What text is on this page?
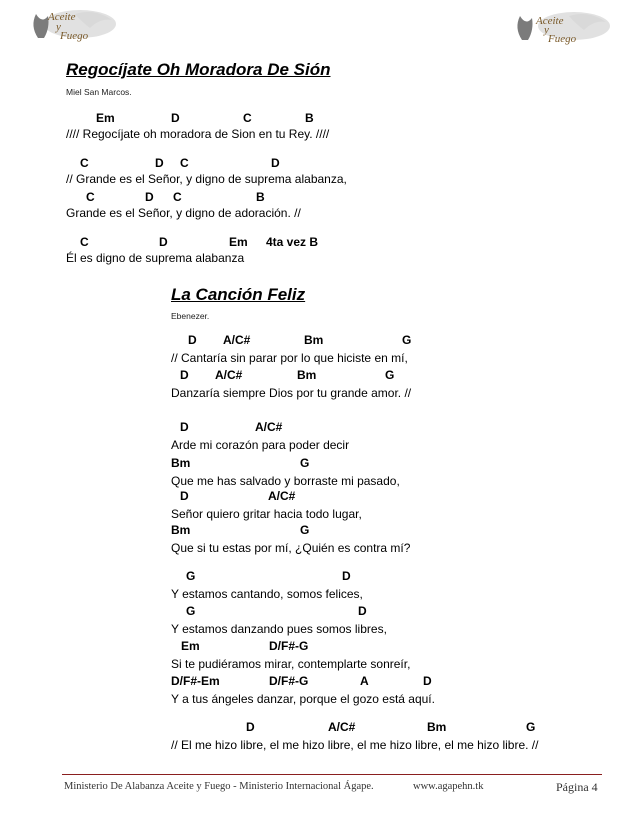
Aceite
y
Fuego
Aceite
y
Fuego
Regocíjate Oh Moradora De Sión
Miel San Marcos.
Em	D	C	B
//// Regocíjate oh moradora de Sion en tu Rey. ////
C	D C	D
// Grande es el Señor, y digno de suprema alabanza,
C	D C	B
Grande es el Señor, y digno de adoración. //
C	D	Em 4ta vez B
Él es digno de suprema alabanza
La Canción Feliz
Ebenezer.
D A/C#	Bm	G
// Cantaría sin parar por lo que hiciste en mí,
D A/C#	Bm	G
Danzaría siempre Dios por tu grande amor. //
D	A/C#
Arde mi corazón para poder decir
Bm	G
Que me has salvado y borraste mi pasado,
D	A/C#
Señor quiero gritar hacia todo lugar,
Bm	G
Que si tu estas por mí, ¿Quién es contra mí?
G	D
Y estamos cantando, somos felices,
G	D
Y estamos danzando pues somos libres,
Em	D/F#-G
Si te pudiéramos mirar, contemplarte sonreír,
D/F#-Em	D/F#-G	A	D
Y a tus ángeles danzar, porque el gozo está aquí.
D	A/C#	Bm	G
// El me hizo libre, el me hizo libre, el me hizo libre, el me hizo libre. //
Ministerio De Alabanza Aceite y Fuego - Ministerio Internacional Ágape.	www.agapehn.tk	Página 4
